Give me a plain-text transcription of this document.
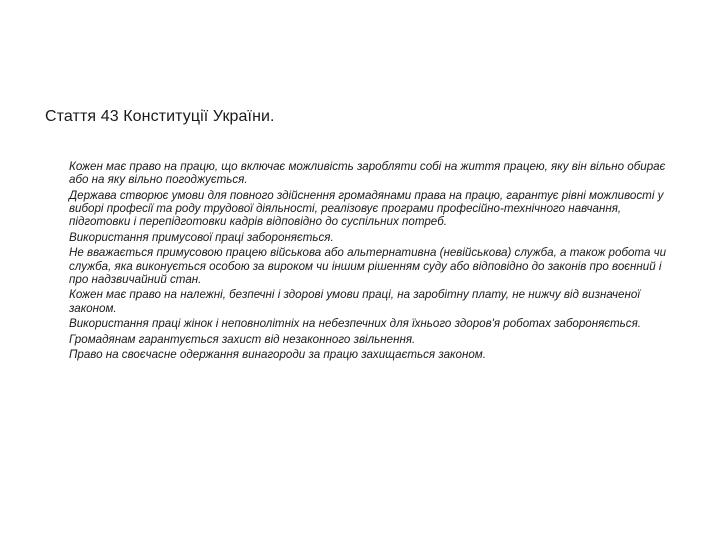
Стаття 43 Конституції України.
Кожен має право на працю, що включає можливість заробляти собі на життя працею, яку він вільно обирає або на яку вільно погоджується.
Держава створює умови для повного здійснення громадянами права на працю, гарантує рівні можливості у виборі професії та роду трудової діяльності, реалізовує програми професійно-технічного навчання, підготовки і перепідготовки кадрів відповідно до суспільних потреб.
Використання примусової праці забороняється.
Не вважається примусовою працею військова або альтернативна (невійськова) служба, а також робота чи служба, яка виконується особою за вироком чи іншим рішенням суду або відповідно до законів про воєнний і про надзвичайний стан.
Кожен має право на належні, безпечні і здорові умови праці, на заробітну плату, не нижчу від визначеної законом.
Використання праці жінок і неповнолітніх на небезпечних для їхнього здоров'я роботах забороняється.
Громадянам гарантується захист від незаконного звільнення.
Право на своєчасне одержання винагороди за працю захищається законом.
